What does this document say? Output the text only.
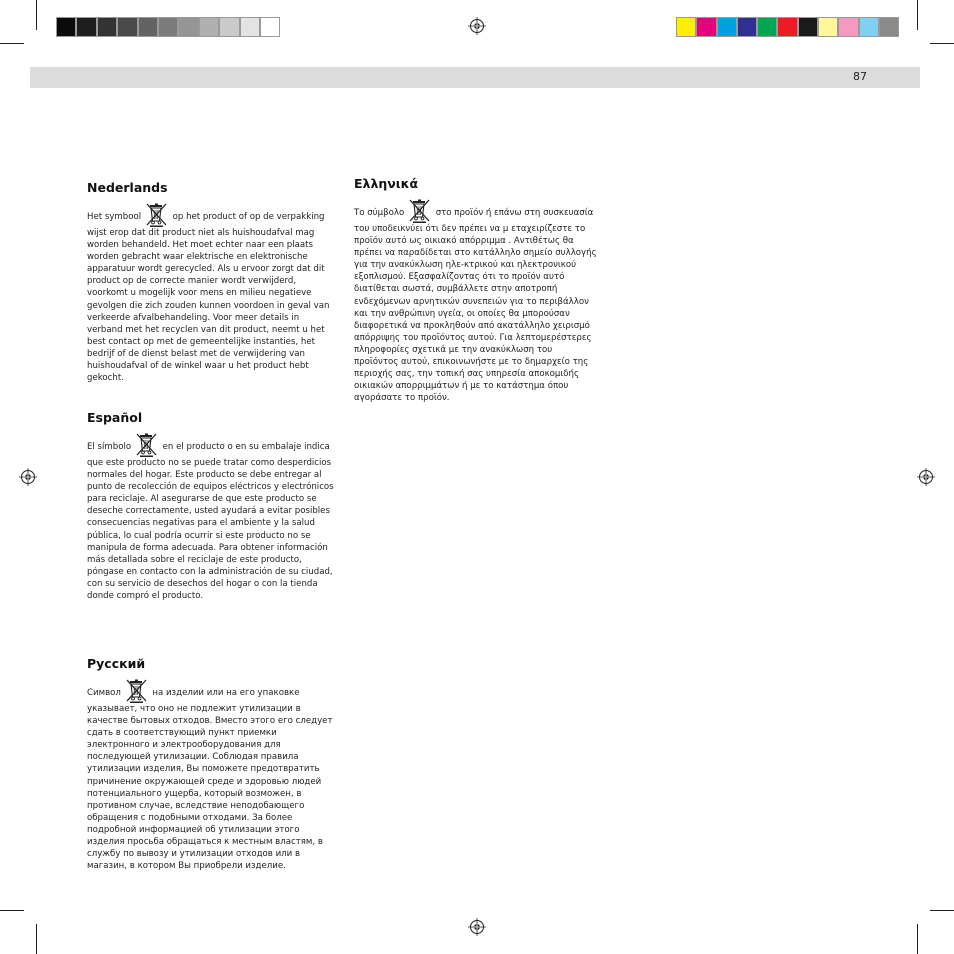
87
Nederlands

Het symbool	op het product of op de verpakking wijst erop dat dit product niet als huishoudafval mag worden behandeld. Het moet echter naar een plaats worden gebracht waar elektrische en elektronische apparatuur wordt gerecycled. Als u ervoor zorgt dat dit product op de correcte manier wordt verwijderd, voorkomt u mogelijk voor mens en milieu negatieve gevolgen die zich zouden kunnen voordoen in geval van verkeerde afvalbehandeling. Voor meer details in verband met het recyclen van dit product, neemt u het best contact op met de gemeentelijke instanties, het bedrijf of de dienst belast met de verwijdering van huishoudafval of de winkel waar u het product hebt gekocht.

Español

El símbolo	en el producto o en su embalaje indica que este producto no se puede tratar como desperdicios normales del hogar. Este producto se debe entregar al punto de recolección de equipos eléctricos y electrónicos para reciclaje. Al asegurarse de que este producto se deseche correctamente, usted ayudará a evitar posibles consecuencias negativas para el ambiente y la salud pública, lo cual podría ocurrir si este producto no se manipula de forma adecuada. Para obtener información más detallada sobre el reciclaje de este producto, póngase en contacto con la administración de su ciudad, con su servicio de desechos del hogar o con la tienda donde compró el producto.

Русский

Символ	на изделии или на его упаковке указывает, что оно не подлежит утилизации в качестве бытовых отходов. Вместо этого его следует сдать в соответствующий пункт приемки электронного и электрооборудования для последующей утилизации. Соблюдая правила утилизации изделия, Вы поможете предотвратить причинение окружающей среде и здоровью людей потенциального ущерба, который возможен, в противном случае, вследствие неподобающего обращения с подобными отходами. За более подробной информацией об утилизации этого изделия просьба обращаться к местным властям, в службу по вывозу и утилизации отходов или в магазин, в котором Вы приобрели изделие.

Ελληνικά

Το σύμβολο	στο προϊόν ή επάνω στη συσκευασία του υποδεικνύει ότι δεν πρέπει να μ εταχειρίζεστε το προϊόν αυτό ως οικιακό απόρριμμα . Αντιθέτως θα πρέπει να παραδίδεται στο κατάλληλο σημείο συλλογής για την ανακύκλωση ηλε-κτρικού και ηλεκτρονικού εξοπλισμού. Εξασφαλίζοντας ότι το προϊόν αυτό διατίθεται σωστά, συμβάλλετε στην αποτροπή ενδεχόμενων αρνητικών συνεπειών για το περιβάλλον και την ανθρώπινη υγεία, οι οποίες θα μπορούσαν διαφορετικά να προκληθούν από ακατάλληλο χειρισμό απόρριψης του προϊόντος αυτού. Για λεπτομερέστερες πληροφορίες σχετικά με την ανακύκλωση του προϊόντος αυτού, επικοινωνήστε με το δημαρχείο της περιοχής σας, την τοπική σας υπηρεσία αποκομιδής οικιακών απορριμμάτων ή με το κατάστημα όπου αγοράσατε το προϊόν.
